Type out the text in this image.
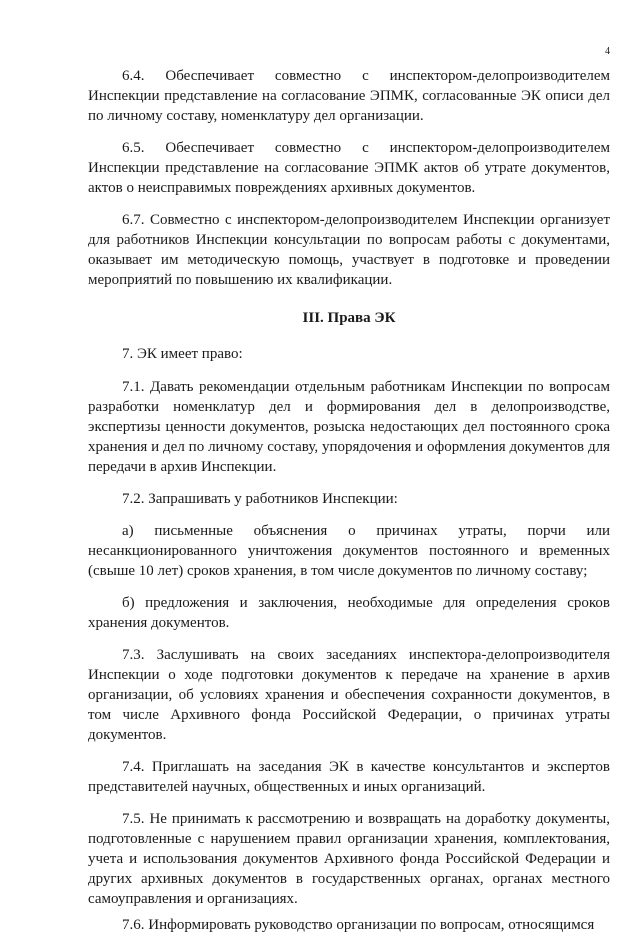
4

6.4. Обеспечивает совместно с инспектором-делопроизводителем Инспекции представление на согласование ЭПМК, согласованные ЭК описи дел по личному составу, номенклатуру дел организации.

6.5. Обеспечивает совместно с инспектором-делопроизводителем Инспекции представление на согласование ЭПМК актов об утрате документов, актов о неисправимых повреждениях архивных документов.

6.7. Совместно с инспектором-делопроизводителем Инспекции организует для работников Инспекции консультации по вопросам работы с документами, оказывает им методическую помощь, участвует в подготовке и проведении мероприятий по повышению их квалификации.

III. Права ЭК

7. ЭК имеет право:

7.1. Давать рекомендации отдельным работникам Инспекции по вопросам разработки номенклатур дел и формирования дел в делопроизводстве, экспертизы ценности документов, розыска недостающих дел постоянного срока хранения и дел по личному составу, упорядочения и оформления документов для передачи в архив Инспекции.

7.2. Запрашивать у работников Инспекции:

а) письменные объяснения о причинах утраты, порчи или несанкционированного уничтожения документов постоянного и временных (свыше 10 лет) сроков хранения, в том числе документов по личному составу;

б) предложения и заключения, необходимые для определения сроков хранения документов.

7.3. Заслушивать на своих заседаниях инспектора-делопроизводителя Инспекции о ходе подготовки документов к передаче на хранение в архив организации, об условиях хранения и обеспечения сохранности документов, в том числе Архивного фонда Российской Федерации, о причинах утраты документов.

7.4. Приглашать на заседания ЭК в качестве консультантов и экспертов представителей научных, общественных и иных организаций.

7.5. Не принимать к рассмотрению и возвращать на доработку документы, подготовленные с нарушением правил организации хранения, комплектования, учета и использования документов Архивного фонда Российской Федерации и других архивных документов в государственных органах, органах местного самоуправления и организациях.

7.6. Информировать руководство организации по вопросам, относящимся
